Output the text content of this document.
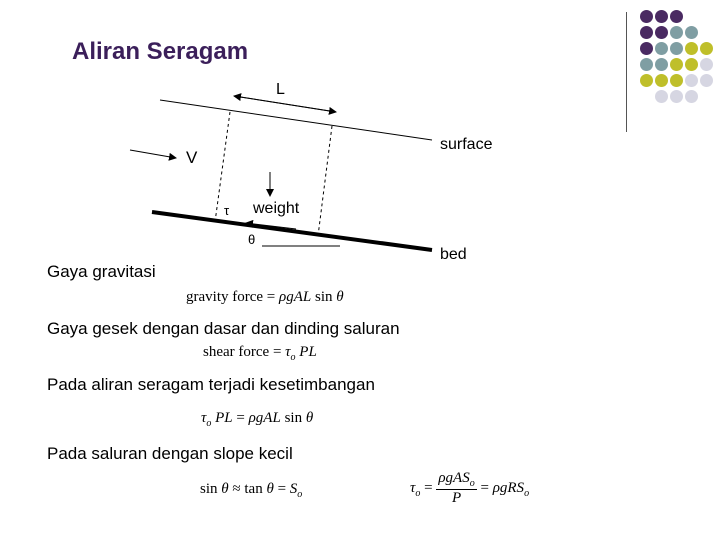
Aliran Seragam
L
V
surface
weight
τ
θ
bed
Gaya gravitasi
Gaya gesek dengan dasar dan dinding saluran
Pada aliran seragam terjadi kesetimbangan
Pada saluran dengan slope kecil
gravity force = ρgAL sin θ
shear force = $\tau_o$ PL
$\tau_o$ PL = ρgAL sin θ
$\sin \theta \approx \tan \theta = S_o$	$\tau_o = \frac{\rho gAS_o}{P} = \rho gRS_o$
